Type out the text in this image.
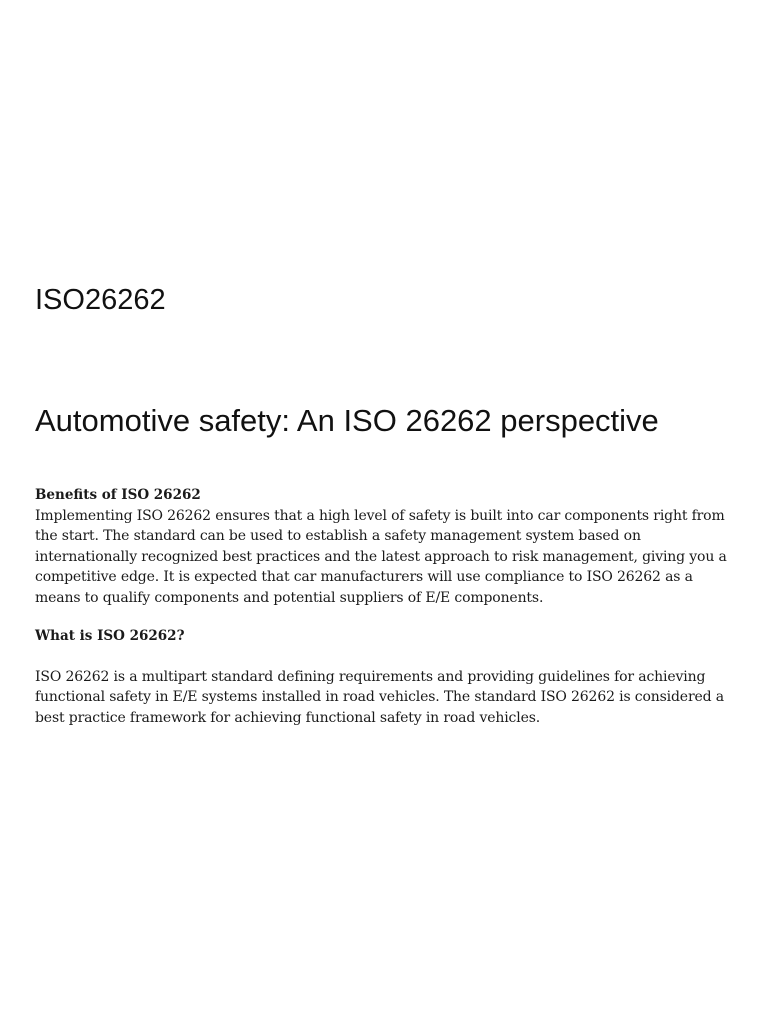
ISO26262
Automotive safety: An ISO 26262 perspective
Benefits of ISO 26262

Implementing ISO 26262 ensures that a high level of safety is built into car components right from the start. The standard can be used to establish a safety management system based on internationally recognized best practices and the latest approach to risk management, giving you a competitive edge. It is expected that car manufacturers will use compliance to ISO 26262 as a means to qualify components and potential suppliers of E/E components.

What is ISO 26262?

ISO 26262 is a multipart standard defining requirements and providing guidelines for achieving functional safety in E/E systems installed in road vehicles. The standard ISO 26262 is considered a best practice framework for achieving functional safety in road vehicles.
